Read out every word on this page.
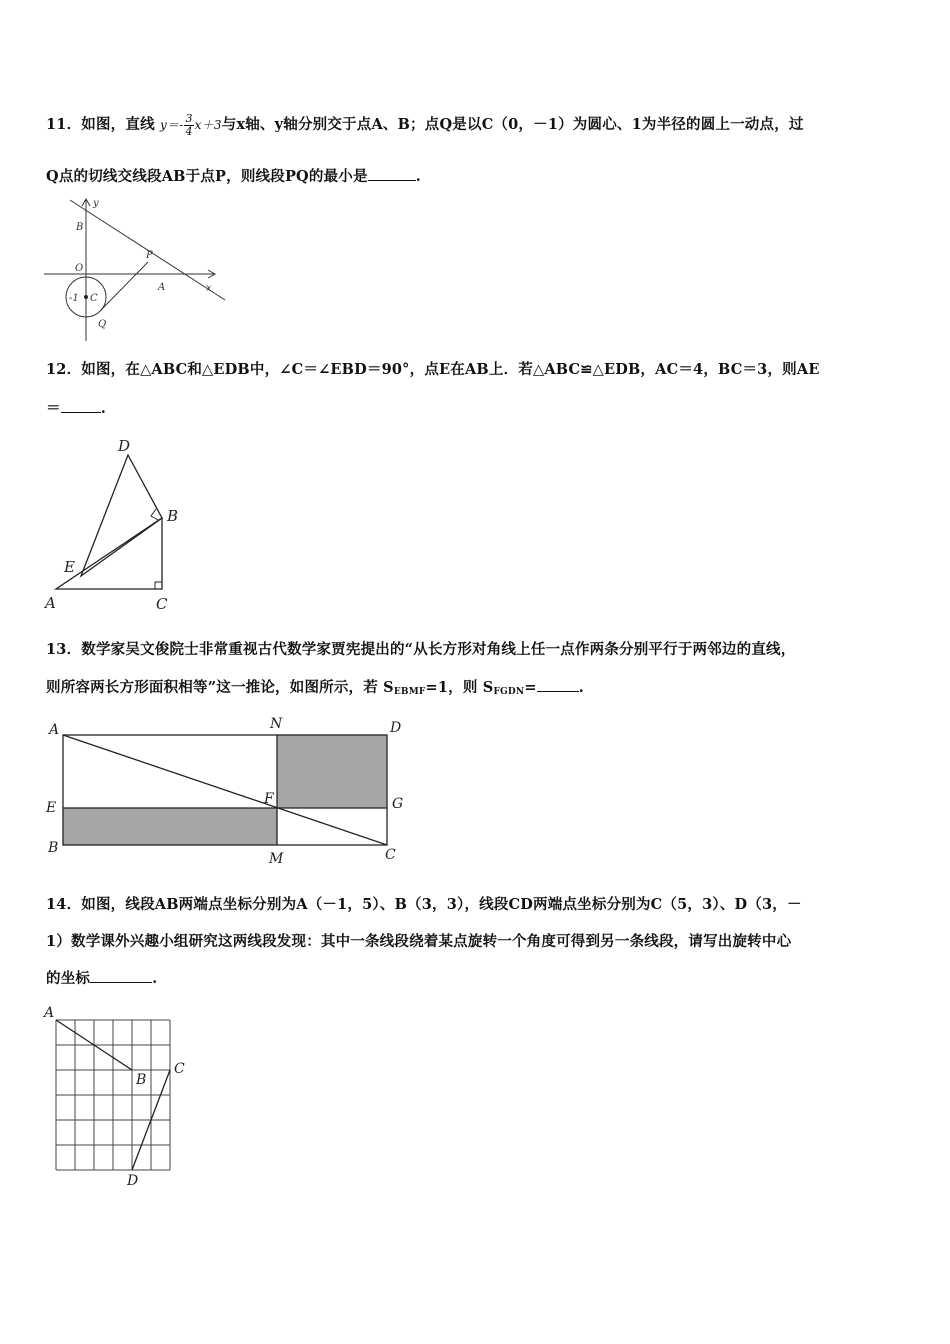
11．如图，直线 $y=- \frac{3}{4} x+3$与x轴、y轴分别交于点A、B；点Q是以C（0，－1）为圆心、1为半径的圆上一动点，过
Q点的切线交线段AB于点P，则线段PQ的最小是	.
y
x
B
O
P
A
-1 C
Q
12．如图，在△ABC和△EDB中，∠C＝∠EBD＝90°，点E在AB上．若△ABC≌△EDB，AC＝4，BC＝3，则AE
＝	.
D
B
E
A	C
13．数学家吴文俊院士非常重视古代数学家贾宪提出的“从长方形对角线上任一点作两条分别平行于两邻边的直线，
则所容两长方形面积相等”这一推论，如图所示，若 $S_{EBMF}=1$，则 $S_{FGDN}=$	.
A	N	D
E
F	G
B
M	C
14．如图，线段AB两端点坐标分别为A（－1，5）、B（3，3），线段CD两端点坐标分别为C（5，3）、D（3，－
1）数学课外兴趣小组研究这两线段发现：其中一条线段绕着某点旋转一个角度可得到另一条线段，请写出旋转中心
的坐标	.
A
B
C
D
